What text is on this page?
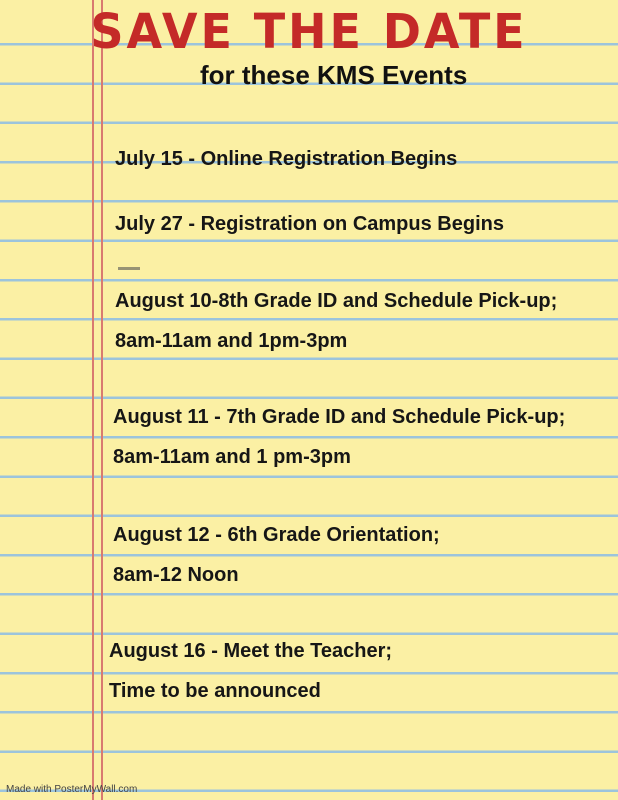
SAVE THE DATE
for these KMS Events
July 15 - Online Registration Begins
July 27 - Registration on Campus Begins
August 10-8th Grade ID and Schedule Pick-up;
8am-11am and 1pm-3pm
August 11 - 7th Grade ID and Schedule Pick-up;
8am-11am and 1 pm-3pm
August 12 - 6th Grade Orientation;
8am-12 Noon
August 16 - Meet the Teacher;
Time to be announced
Made with PosterMyWall.com
